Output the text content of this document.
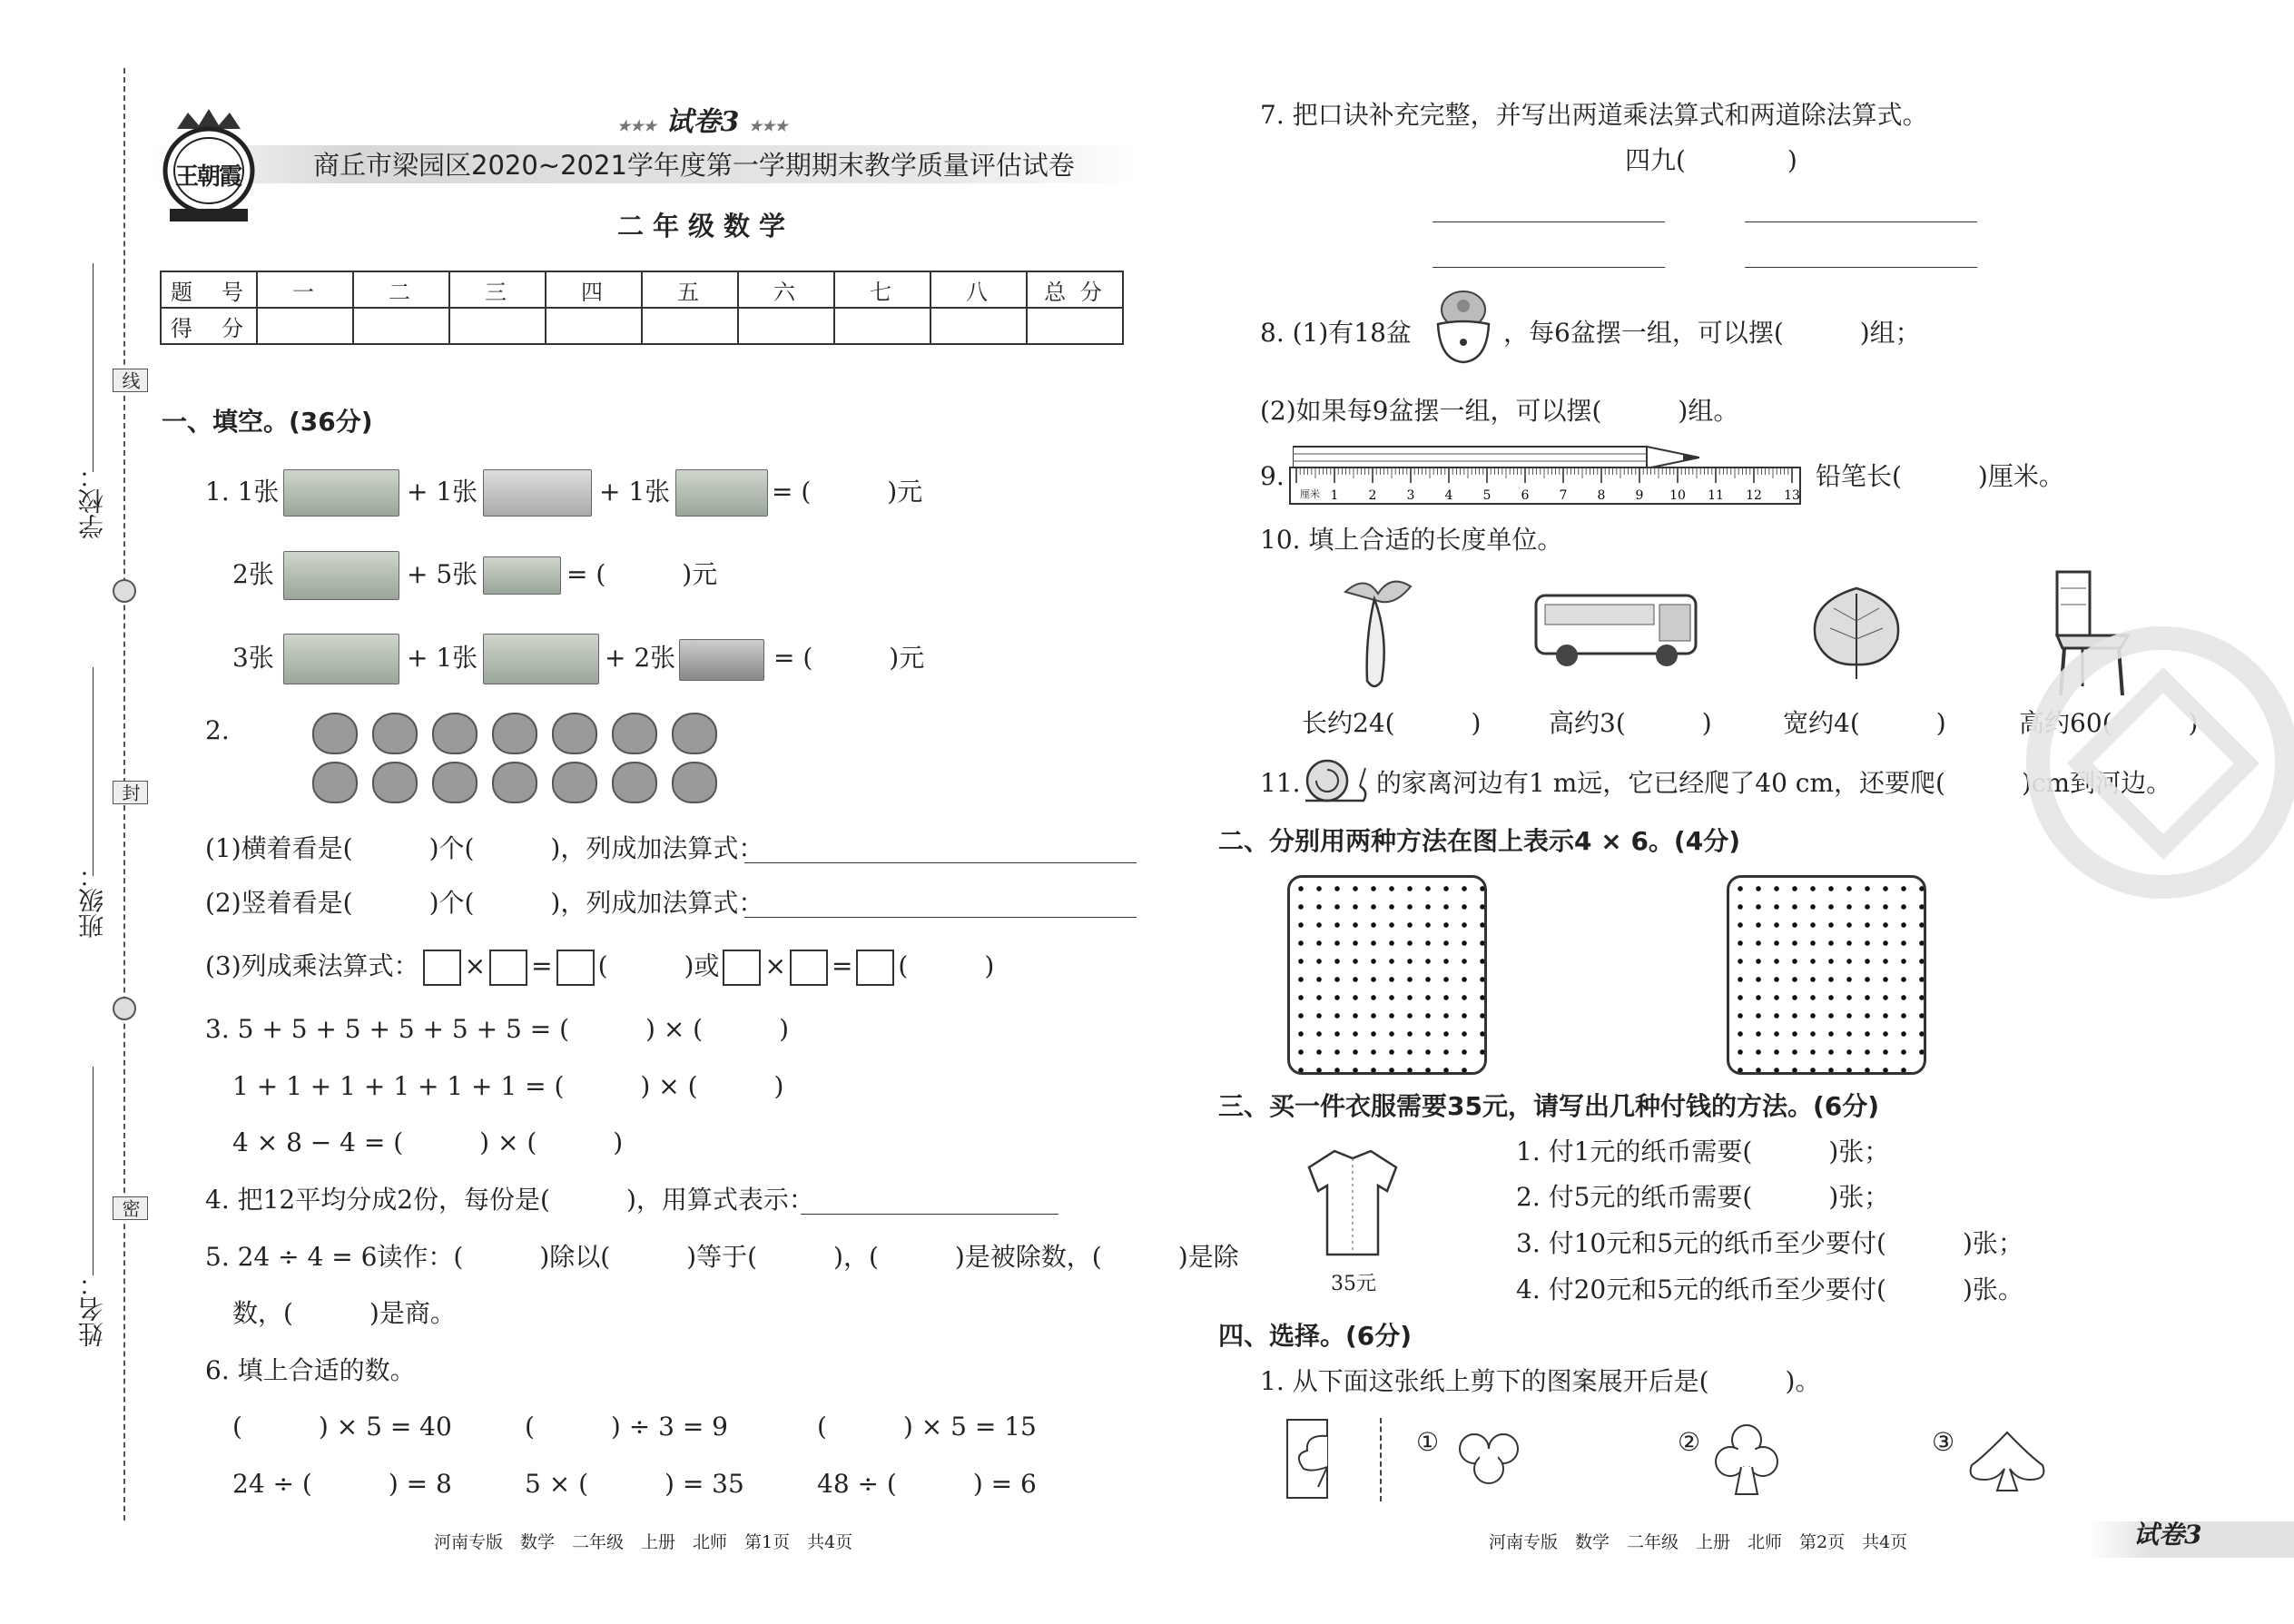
学校：
班级：
姓名：
线
封
密
王朝霞
★★★ 试卷3 ★★★
商丘市梁园区2020~2021学年度第一学期期末教学质量评估试卷
二年级数学
题　号	一	二	三	四	五	六	七	八	总 分
得　分									
一、填空。(36分)
1. 1张	+ 1张	+ 1张	= (　　　)元
2张	+ 5张	= (　　　)元
3张	+ 1张	+ 2张	= (　　　)元
2.
(1)横着看是(　　　)个(　　　)，列成加法算式：
(2)竖着看是(　　　)个(　　　)，列成加法算式：
(3)列成乘法算式： × = (　　　)或 × = (　　　)
3. 5 + 5 + 5 + 5 + 5 + 5 = (　　　) × (　　　)
1 + 1 + 1 + 1 + 1 + 1 = (　　　) × (　　　)
4 × 8 − 4 = (　　　) × (　　　)
4. 把12平均分成2份，每份是(　　　)，用算式表示：
5. 24 ÷ 4 = 6读作：(　　　)除以(　　　)等于(　　　)，(　　　)是被除数，(　　　)是除
数，(　　　)是商。
6. 填上合适的数。
(　　　) × 5 = 40	(　　　) ÷ 3 = 9	(　　　) × 5 = 15
24 ÷ (　　　) = 8	5 × (　　　) = 35	48 ÷ (　　　) = 6
河南专版　数学　二年级　上册　北师　第1页　共4页
7. 把口诀补充完整，并写出两道乘法算式和两道除法算式。
四九(　　　　)
8. (1)有18盆	，每6盆摆一组，可以摆(　　　)组；
(2)如果每9盆摆一组，可以摆(　　　)组。
9.
1 2 3 4 5 6 7 8 9 10 11 12 13
厘米
铅笔长(　　　)厘米。
10. 填上合适的长度单位。
长约24(　　　)	高约3(　　　)	宽约4(　　　)	高约60(　　　)
11.	的家离河边有1 m远，它已经爬了40 cm，还要爬(　　　)cm到河边。
二、分别用两种方法在图上表示4 × 6。(4分)
三、买一件衣服需要35元，请写出几种付钱的方法。(6分)
35元
1. 付1元的纸币需要(　　　)张；
2. 付5元的纸币需要(　　　)张；
3. 付10元和5元的纸币至少要付(　　　)张；
4. 付20元和5元的纸币至少要付(　　　)张。
四、选择。(6分)
1. 从下面这张纸上剪下的图案展开后是(　　　)。
①	②	③
河南专版　数学　二年级　上册　北师　第2页　共4页	试卷3
